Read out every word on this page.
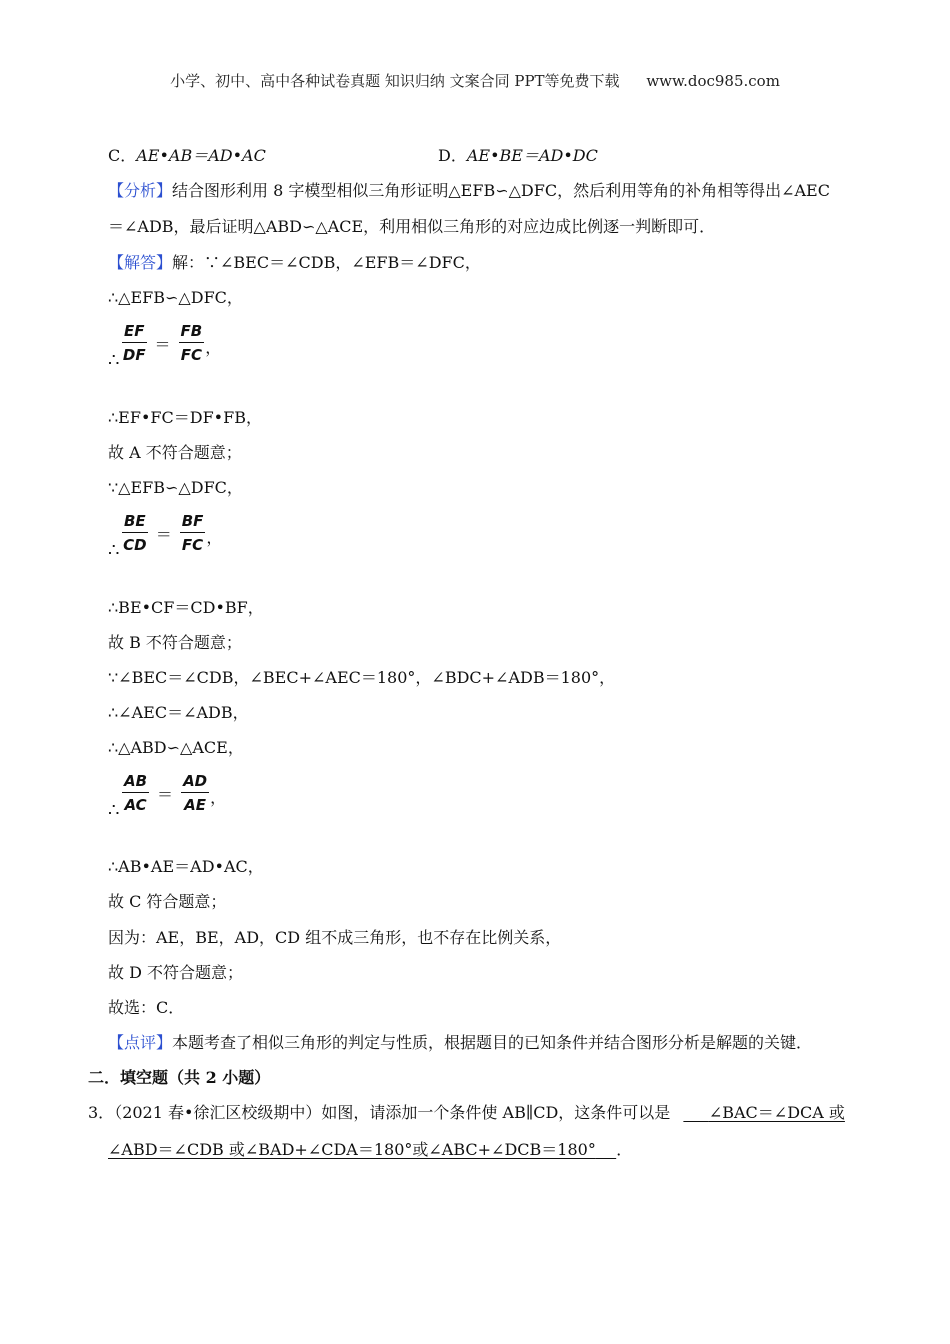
小学、初中、高中各种试卷真题 知识归纳 文案合同 PPT等免费下载 www.doc985.com
C．AE•AB＝AD•AC	D．AE•BE＝AD•DC
【分析】结合图形利用 8 字模型相似三角形证明△EFB∽△DFC，然后利用等角的补角相等得出∠AEC
＝∠ADB，最后证明△ABD∽△ACE，利用相似三角形的对应边成比例逐一判断即可．
【解答】解：∵∠BEC＝∠CDB，∠EFB＝∠DFC，
∴△EFB∽△DFC，
∴
EF
DF
＝
FB
FC ，
∴EF•FC＝DF•FB，
故 A 不符合题意；
∵△EFB∽△DFC，
∴
BE
CD
＝
BF
FC ，
∴BE•CF＝CD•BF，
故 B 不符合题意；
∵∠BEC＝∠CDB，∠BEC+∠AEC＝180°，∠BDC+∠ADB＝180°，
∴∠AEC＝∠ADB，
∴△ABD∽△ACE，
∴
AB
AC
＝
AD
AE ，
∴AB•AE＝AD•AC，
故 C 符合题意；
因为：AE，BE，AD，CD 组不成三角形，也不存在比例关系，
故 D 不符合题意；
故选：C．
【点评】本题考查了相似三角形的判定与性质，根据题目的已知条件并结合图形分析是解题的关键．
二．填空题（共 2 小题）
3．（2021 春•徐汇区校级期中）如图，请添加一个条件使 AB∥CD，这条件可以是 ∠BAC＝∠DCA 或
∠ABD＝∠CDB 或∠BAD+∠CDA＝180°或∠ABC+∠DCB＝180° ．
